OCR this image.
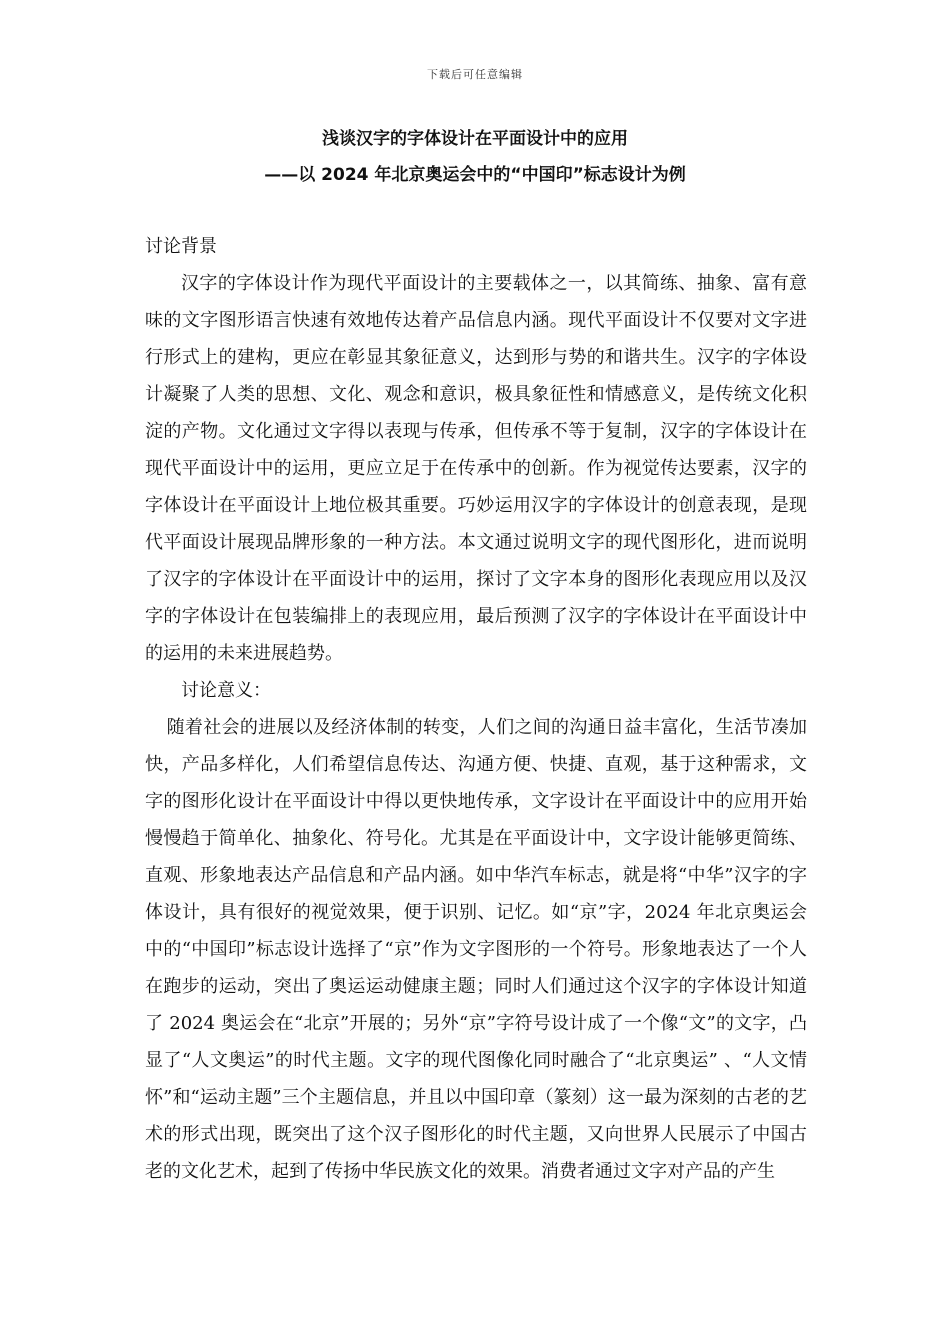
下载后可任意编辑
浅谈汉字的字体设计在平面设计中的应用
——以 2024 年北京奥运会中的“中国印”标志设计为例
讨论背景

汉字的字体设计作为现代平面设计的主要载体之一，以其简练、抽象、富有意味的文字图形语言快速有效地传达着产品信息内涵。现代平面设计不仅要对文字进行形式上的建构，更应在彰显其象征意义，达到形与势的和谐共生。汉字的字体设计凝聚了人类的思想、文化、观念和意识，极具象征性和情感意义，是传统文化积淀的产物。文化通过文字得以表现与传承，但传承不等于复制，汉字的字体设计在现代平面设计中的运用，更应立足于在传承中的创新。作为视觉传达要素，汉字的字体设计在平面设计上地位极其重要。巧妙运用汉字的字体设计的创意表现，是现代平面设计展现品牌形象的一种方法。本文通过说明文字的现代图形化，进而说明了汉字的字体设计在平面设计中的运用，探讨了文字本身的图形化表现应用以及汉字的字体设计在包装编排上的表现应用，最后预测了汉字的字体设计在平面设计中的运用的未来进展趋势。

讨论意义：

随着社会的进展以及经济体制的转变，人们之间的沟通日益丰富化，生活节凑加快，产品多样化，人们希望信息传达、沟通方便、快捷、直观，基于这种需求，文字的图形化设计在平面设计中得以更快地传承，文字设计在平面设计中的应用开始慢慢趋于简单化、抽象化、符号化。尤其是在平面设计中，文字设计能够更简练、直观、形象地表达产品信息和产品内涵。如中华汽车标志，就是将“中华”汉字的字体设计，具有很好的视觉效果，便于识别、记忆。如“京”字，2024 年北京奥运会中的“中国印”标志设计选择了“京”作为文字图形的一个符号。形象地表达了一个人在跑步的运动，突出了奥运运动健康主题；同时人们通过这个汉字的字体设计知道了 2024 奥运会在“北京”开展的；另外“京”字符号设计成了一个像“文”的文字，凸显了“人文奥运”的时代主题。文字的现代图像化同时融合了“北京奥运” 、“人文情怀”和“运动主题”三个主题信息，并且以中国印章（篆刻）这一最为深刻的古老的艺术的形式出现，既突出了这个汉子图形化的时代主题，又向世界人民展示了中国古老的文化艺术，起到了传扬中华民族文化的效果。消费者通过文字对产品的产生
